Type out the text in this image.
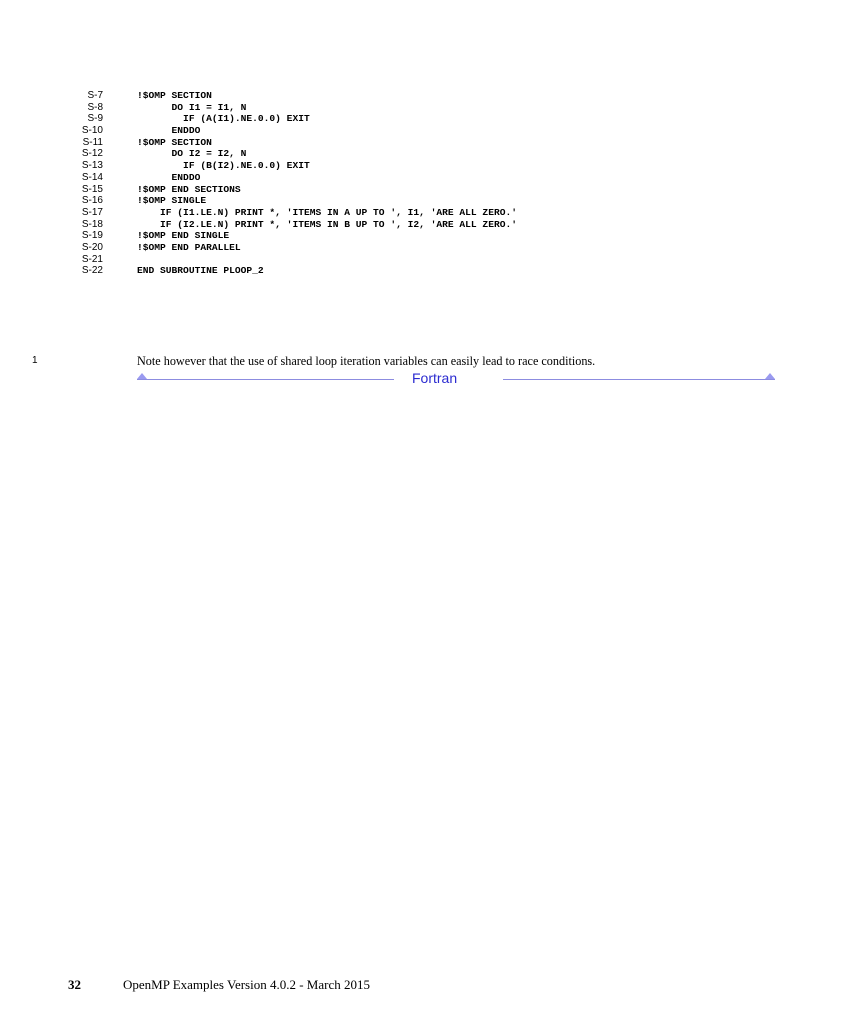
S-7	!$OMP SECTION
S-8	DO I1 = I1, N
S-9	IF (A(I1).NE.0.0) EXIT
S-10	ENDDO
S-11	!$OMP SECTION
S-12	DO I2 = I2, N
S-13	IF (B(I2).NE.0.0) EXIT
S-14	ENDDO
S-15	!$OMP END SECTIONS
S-16	!$OMP SINGLE
S-17	IF (I1.LE.N) PRINT *, 'ITEMS IN A UP TO ', I1, 'ARE ALL ZERO.'
S-18	IF (I2.LE.N) PRINT *, 'ITEMS IN B UP TO ', I2, 'ARE ALL ZERO.'
S-19	!$OMP END SINGLE
S-20	!$OMP END PARALLEL
S-21
S-22	END SUBROUTINE PLOOP_2
1	Note however that the use of shared loop iteration variables can easily lead to race conditions.
Fortran
32	OpenMP Examples Version 4.0.2 - March 2015
